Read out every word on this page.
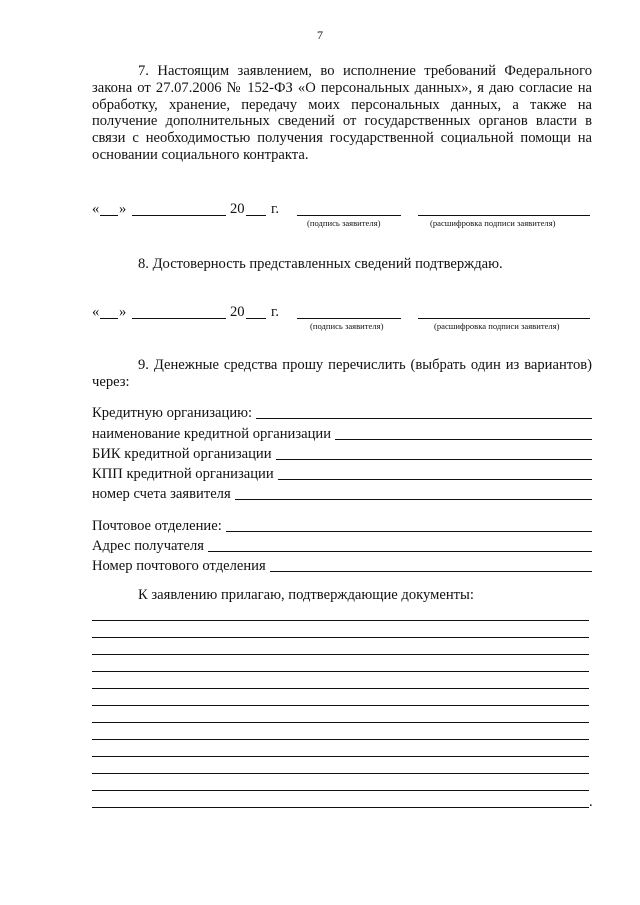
7
7. Настоящим заявлением, во исполнение требований Федерального закона от 27.07.2006 № 152-ФЗ «О персональных данных», я даю согласие на обработку, хранение, передачу моих персональных данных, а также на получение дополнительных сведений от государственных органов власти в связи с необходимостью получения государственной социальной помощи на основании социального контракта.
« »	20 г.
(подпись заявителя)	(расшифровка подписи заявителя)
8. Достоверность представленных сведений подтверждаю.
« »	20 г.
(подпись заявителя)	(расшифровка подписи заявителя)
9. Денежные средства прошу перечислить (выбрать один из вариантов) через:
Кредитную организацию:
наименование кредитной организации
БИК кредитной организации
КПП кредитной организации
номер счета заявителя
Почтовое отделение:
Адрес получателя
Номер почтового отделения
К заявлению прилагаю, подтверждающие документы:
.
